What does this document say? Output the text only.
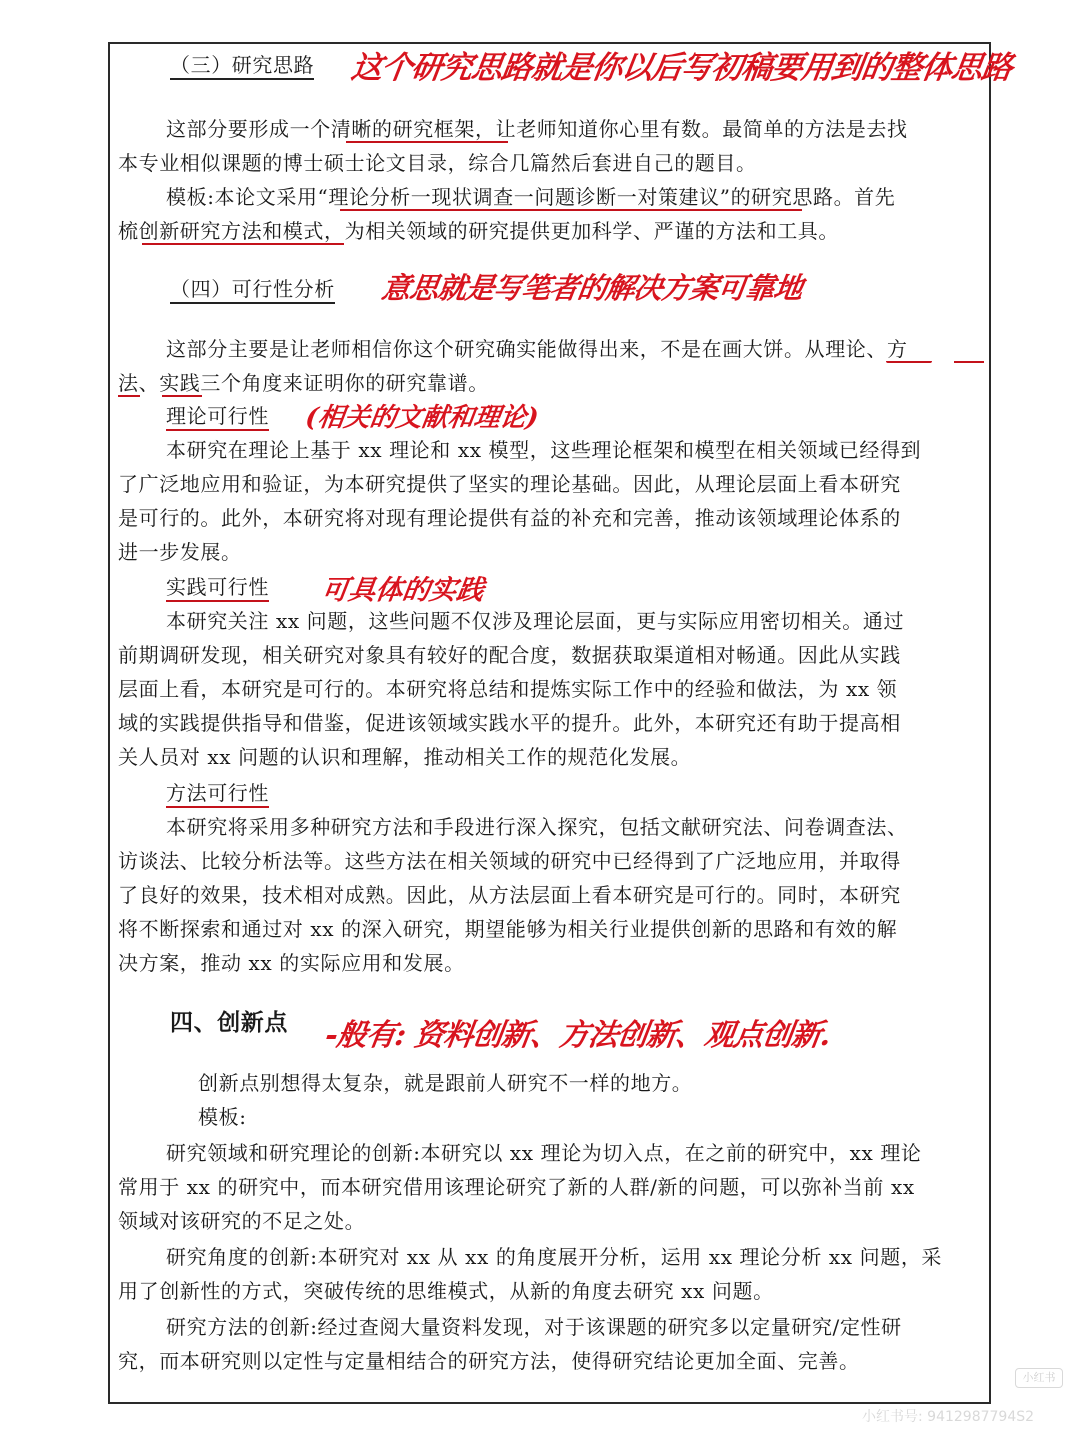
（三）研究思路 这个研究思路就是你以后写初稿要用到的整体思路
这部分要形成一个清晰的研究框架，让老师知道你心里有数。最简单的方法是去找
本专业相似课题的博士硕士论文目录，综合几篇然后套进自己的题目。
模板:本论文采用“理论分析一现状调查一问题诊断一对策建议”的研究思路。首先
梳创新研究方法和模式，为相关领域的研究提供更加科学、严谨的方法和工具。
（四）可行性分析 意思就是写笔者的解决方案可靠地
这部分主要是让老师相信你这个研究确实能做得出来，不是在画大饼。从理论、方
法、实践三个角度来证明你的研究靠谱。
理论可行性 (相关的文献和理论)
本研究在理论上基于 xx 理论和 xx 模型，这些理论框架和模型在相关领域已经得到
了广泛地应用和验证，为本研究提供了坚实的理论基础。因此，从理论层面上看本研究
是可行的。此外，本研究将对现有理论提供有益的补充和完善，推动该领域理论体系的
进一步发展。
实践可行性 可具体的实践
本研究关注 xx 问题，这些问题不仅涉及理论层面，更与实际应用密切相关。通过
前期调研发现，相关研究对象具有较好的配合度，数据获取渠道相对畅通。因此从实践
层面上看，本研究是可行的。本研究将总结和提炼实际工作中的经验和做法，为 xx 领
域的实践提供指导和借鉴，促进该领域实践水平的提升。此外，本研究还有助于提高相
关人员对 xx 问题的认识和理解，推动相关工作的规范化发展。
方法可行性
本研究将采用多种研究方法和手段进行深入探究，包括文献研究法、问卷调查法、
访谈法、比较分析法等。这些方法在相关领域的研究中已经得到了广泛地应用，并取得
了良好的效果，技术相对成熟。因此，从方法层面上看本研究是可行的。同时，本研究
将不断探索和通过对 xx 的深入研究，期望能够为相关行业提供创新的思路和有效的解
决方案，推动 xx 的实际应用和发展。
四、创新点 -般有: 资料创新、方法创新、观点创新.
创新点别想得太复杂，就是跟前人研究不一样的地方。
模板:
研究领域和研究理论的创新:本研究以 xx 理论为切入点，在之前的研究中，xx 理论
常用于 xx 的研究中，而本研究借用该理论研究了新的人群/新的问题，可以弥补当前 xx
领域对该研究的不足之处。
研究角度的创新:本研究对 xx 从 xx 的角度展开分析，运用 xx 理论分析 xx 问题，采
用了创新性的方式，突破传统的思维模式，从新的角度去研究 xx 问题。
研究方法的创新:经过查阅大量资料发现，对于该课题的研究多以定量研究/定性研
究，而本研究则以定性与定量相结合的研究方法，使得研究结论更加全面、完善。
小红书
小红书号: 9412987794S2
